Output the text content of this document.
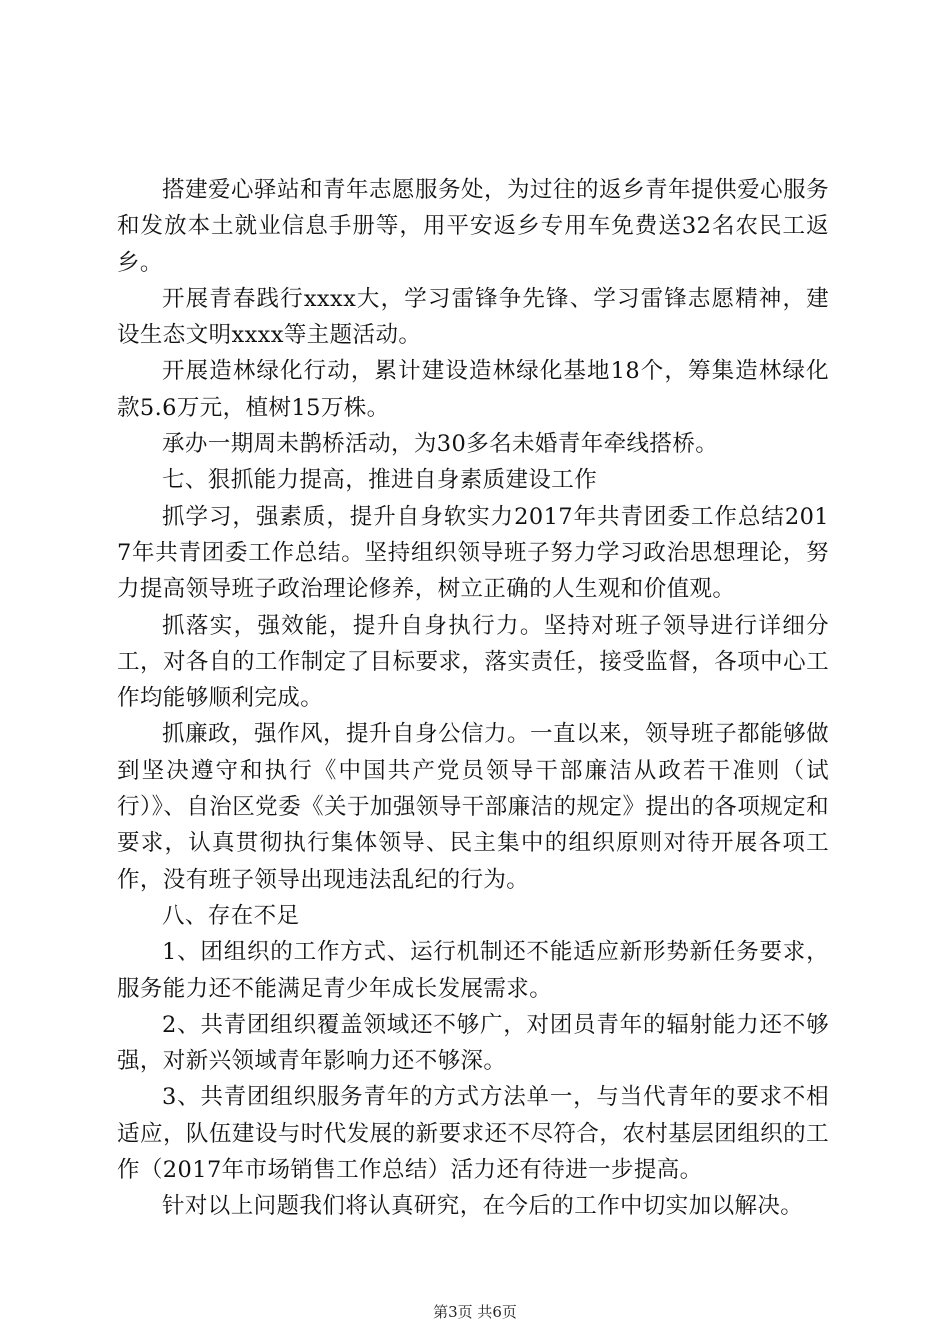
搭建爱心驿站和青年志愿服务处，为过往的返乡青年提供爱心服务和发放本土就业信息手册等，用平安返乡专用车免费送32名农民工返乡。

开展青春践行xxxx大，学习雷锋争先锋、学习雷锋志愿精神，建设生态文明xxxx等主题活动。

开展造林绿化行动，累计建设造林绿化基地18个，筹集造林绿化款5.6万元，植树15万株。

承办一期周未鹊桥活动，为30多名未婚青年牵线搭桥。

七、狠抓能力提高，推进自身素质建设工作

抓学习，强素质，提升自身软实力2017年共青团委工作总结2017年共青团委工作总结。坚持组织领导班子努力学习政治思想理论，努力提高领导班子政治理论修养，树立正确的人生观和价值观。

抓落实，强效能，提升自身执行力。坚持对班子领导进行详细分工，对各自的工作制定了目标要求，落实责任，接受监督，各项中心工作均能够顺利完成。

抓廉政，强作风，提升自身公信力。一直以来，领导班子都能够做到坚决遵守和执行《中国共产党员领导干部廉洁从政若干准则（试行）》、自治区党委《关于加强领导干部廉洁的规定》提出的各项规定和要求，认真贯彻执行集体领导、民主集中的组织原则对待开展各项工作，没有班子领导出现违法乱纪的行为。

八、存在不足

1、团组织的工作方式、运行机制还不能适应新形势新任务要求，服务能力还不能满足青少年成长发展需求。

2、共青团组织覆盖领域还不够广，对团员青年的辐射能力还不够强，对新兴领域青年影响力还不够深。

3、共青团组织服务青年的方式方法单一，与当代青年的要求不相适应，队伍建设与时代发展的新要求还不尽符合，农村基层团组织的工作（2017年市场销售工作总结）活力还有待进一步提高。

针对以上问题我们将认真研究，在今后的工作中切实加以解决。

第3页 共6页
